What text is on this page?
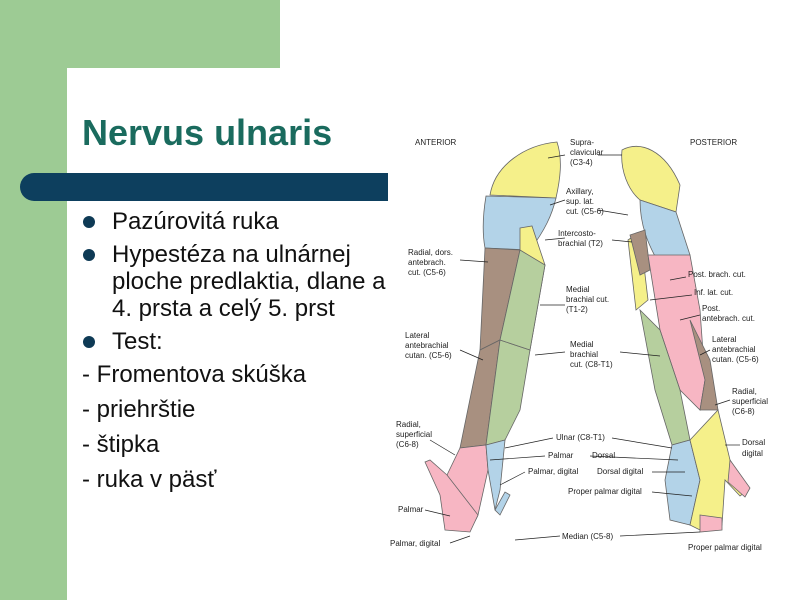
Nervus ulnaris
Pazúrovitá ruka
Hypestéza na ulnárnej ploche predlaktia, dlane a 4. prsta a celý 5. prst
Test:
- Fromentova skúška
- priehrštie
- štipka
- ruka v päsť
ANTERIOR	POSTERIOR
Supra-
clavicular
(C3-4)
Axillary,
sup. lat.
cut. (C5-6)
Intercosto-
brachial (T2)
Radial, dors.
antebrach.
cut. (C5-6)
Medial
brachial cut.
(T1-2)
Post. brach. cut.
Inf. lat. cut.
Post.
antebrach. cut.
Lateral
antebrachial
cutan. (C5-6)
Medial
brachial
cut. (C8-T1)
Lateral
antebrachial
cutan. (C5-6)
Radial,
superficial
(C6-8)
Radial,
superficial
(C6-8)
Ulnar (C8-T1)
Dorsal
digital
Palmar Dorsal
Palmar, digital Dorsal digital
Proper palmar digital
Palmar
Palmar, digital
Median (C5-8)
Proper palmar digital
